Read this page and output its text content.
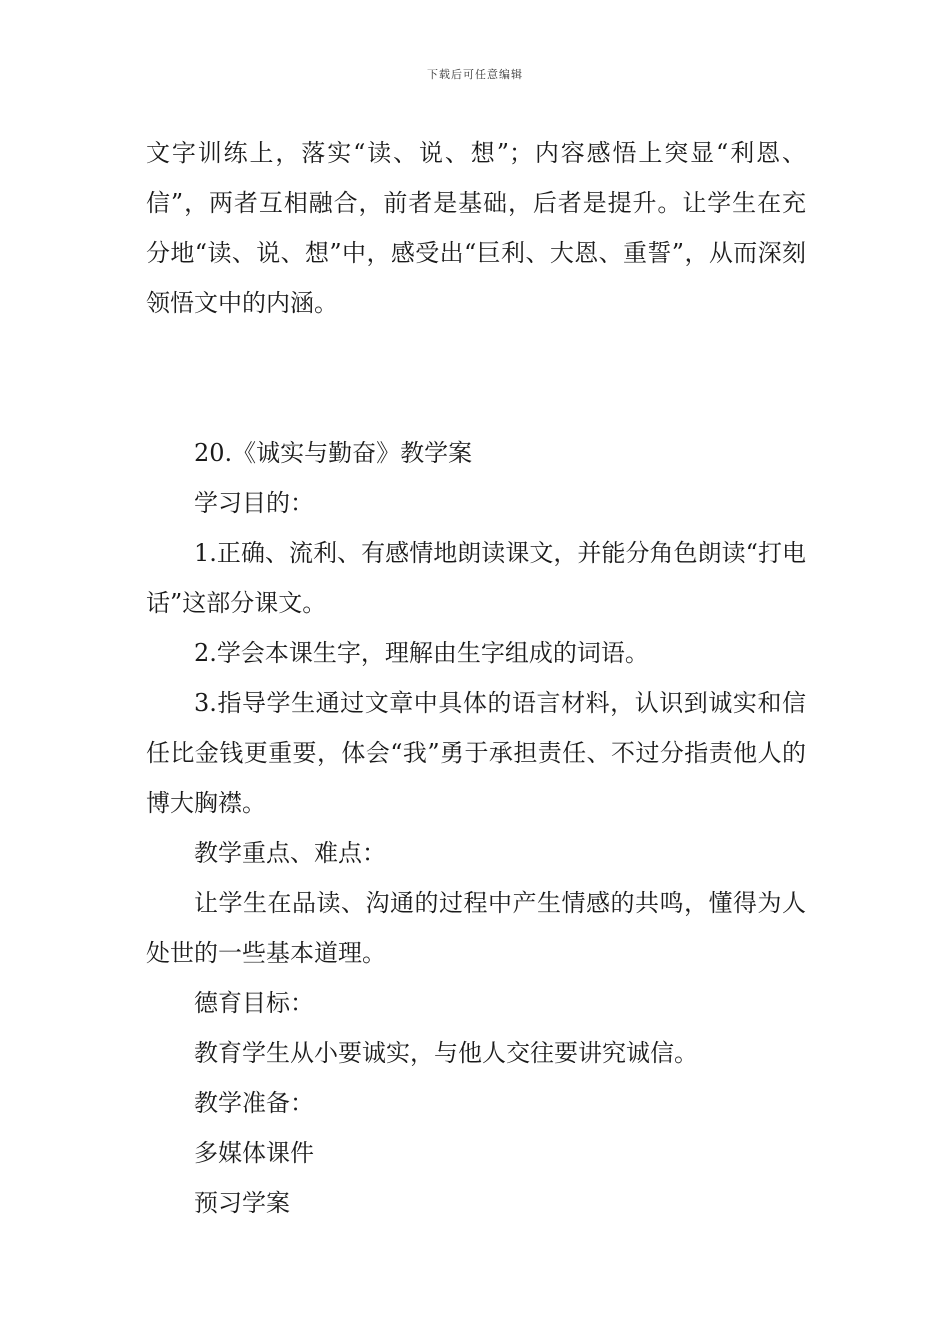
下载后可任意编辑

文字训练上，落实“读、说、想”；内容感悟上突显“利恩、信”，两者互相融合，前者是基础，后者是提升。让学生在充分地“读、说、想”中，感受出“巨利、大恩、重誓”，从而深刻领悟文中的内涵。

20.《诚实与勤奋》教学案

学习目的：

1.正确、流利、有感情地朗读课文，并能分角色朗读“打电话”这部分课文。

2.学会本课生字，理解由生字组成的词语。

3.指导学生通过文章中具体的语言材料，认识到诚实和信任比金钱更重要，体会“我”勇于承担责任、不过分指责他人的博大胸襟。

教学重点、难点：

让学生在品读、沟通的过程中产生情感的共鸣，懂得为人处世的一些基本道理。

德育目标：

教育学生从小要诚实，与他人交往要讲究诚信。

教学准备：

多媒体课件

预习学案
